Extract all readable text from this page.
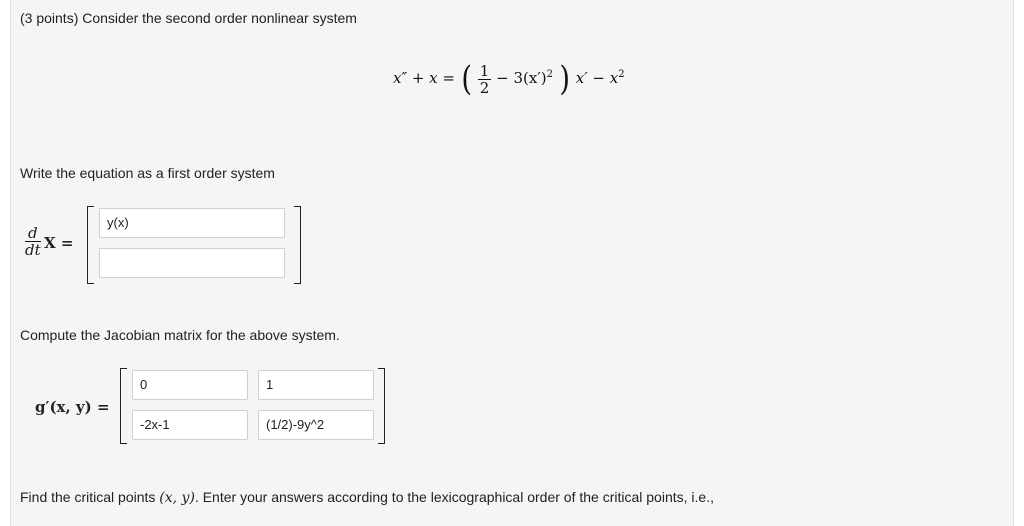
(3 points) Consider the second order nonlinear system
x″ + x = ( $\frac{1}{2} - 3(x')^2$ ) $x' - x^2$
Write the equation as a first order system
$\frac{d}{dt}$ X =
y(x)
Compute the Jacobian matrix for the above system.
g′(x, y) =
0	1
-2x-1	(1/2)-9y^2
Find the critical points (x, y). Enter your answers according to the lexicographical order of the critical points, i.e.,
